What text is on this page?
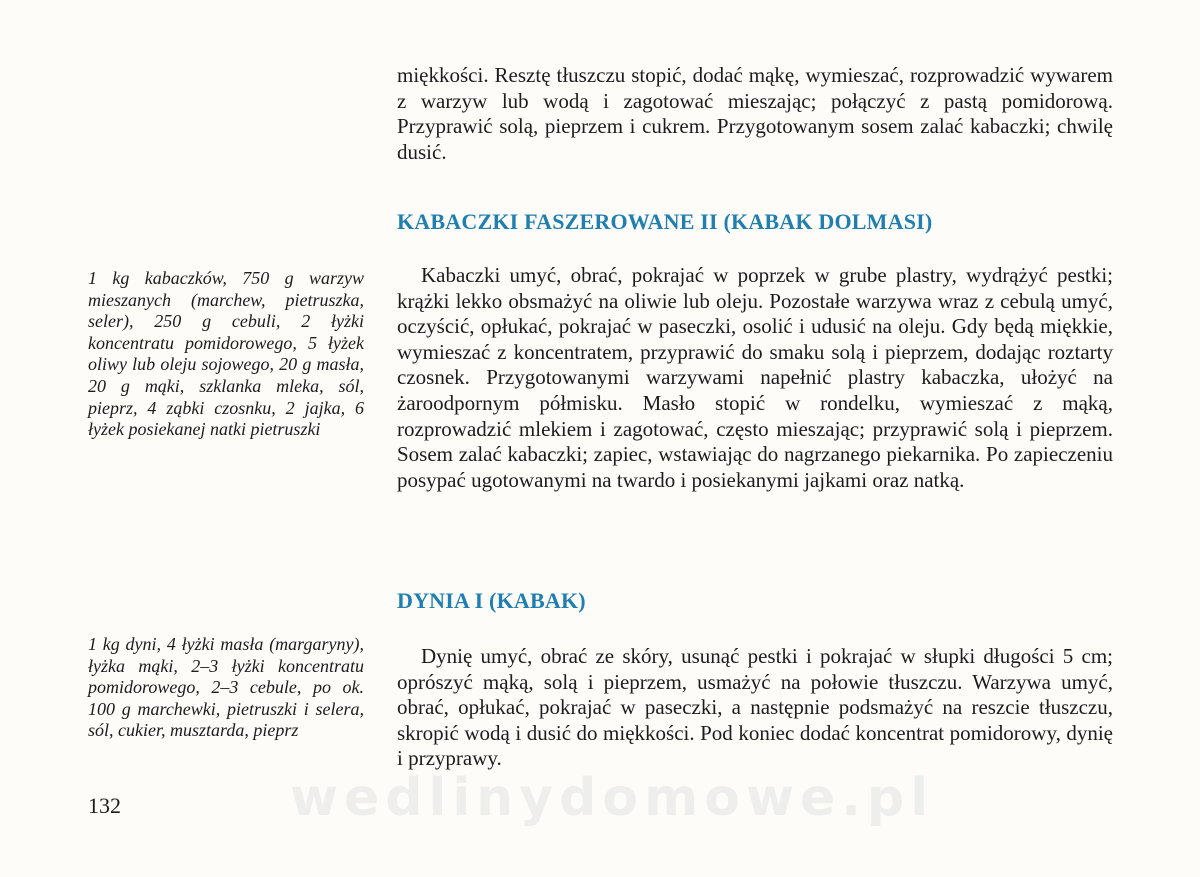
miękkości. Resztę tłuszczu stopić, dodać mąkę, wymieszać, rozprowadzić wywarem z warzyw lub wodą i zagotować mieszając; połączyć z pastą pomidorową. Przyprawić solą, pieprzem i cukrem. Przygotowanym sosem zalać kabaczki; chwilę dusić.

KABACZKI FASZEROWANE II (KABAK DOLMASI)

1 kg kabaczków, 750 g warzyw mieszanych (marchew, pietruszka, seler), 250 g cebuli, 2 łyżki koncentratu pomidorowego, 5 łyżek oliwy lub oleju sojowego, 20 g masła, 20 g mąki, szklanka mleka, sól, pieprz, 4 ząbki czosnku, 2 jajka, 6 łyżek posiekanej natki pietruszki

Kabaczki umyć, obrać, pokrajać w poprzek w grube plastry, wydrążyć pestki; krążki lekko obsmażyć na oliwie lub oleju. Pozostałe warzywa wraz z cebulą umyć, oczyścić, opłukać, pokrajać w paseczki, osolić i udusić na oleju. Gdy będą miękkie, wymieszać z koncentratem, przyprawić do smaku solą i pieprzem, dodając roztarty czosnek. Przygotowanymi warzywami napełnić plastry kabaczka, ułożyć na żaroodpornym półmisku. Masło stopić w rondelku, wymieszać z mąką, rozprowadzić mlekiem i zagotować, często mieszając; przyprawić solą i pieprzem. Sosem zalać kabaczki; zapiec, wstawiając do nagrzanego piekarnika. Po zapieczeniu posypać ugotowanymi na twardo i posiekanymi jajkami oraz natką.

DYNIA I (KABAK)

1 kg dyni, 4 łyżki masła (margaryny), łyżka mąki, 2–3 łyżki koncentratu pomidorowego, 2–3 cebule, po ok. 100 g marchewki, pietruszki i selera, sól, cukier, musztarda, pieprz

Dynię umyć, obrać ze skóry, usunąć pestki i pokrajać w słupki długości 5 cm; oprószyć mąką, solą i pieprzem, usmażyć na połowie tłuszczu. Warzywa umyć, obrać, opłukać, pokrajać w paseczki, a następnie podsmażyć na reszcie tłuszczu, skropić wodą i dusić do miękkości. Pod koniec dodać koncentrat pomidorowy, dynię i przyprawy.

132	wedlinydomowe.pl
